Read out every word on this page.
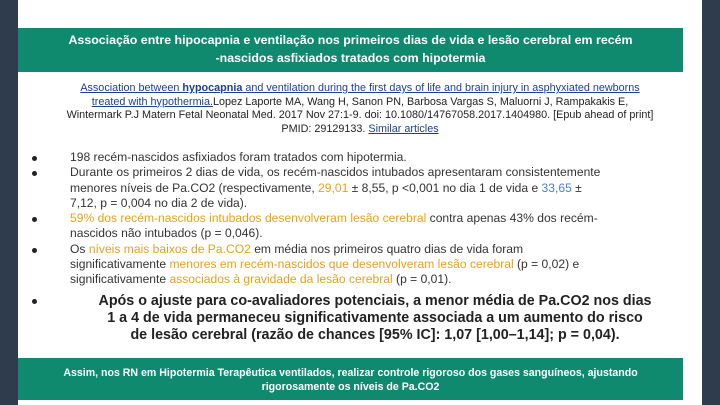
Associação entre hipocapnia e ventilação nos primeiros dias de vida e lesão cerebral em recém
-nascidos asfixiados tratados com hipotermia
Association between hypocapnia and ventilation during the first days of life and brain injury in asphyxiated newborns
treated with hypothermia.Lopez Laporte MA, Wang H, Sanon PN, Barbosa Vargas S, Maluorni J, Rampakakis E,
Wintermark P.J Matern Fetal Neonatal Med. 2017 Nov 27:1-9. doi: 10.1080/14767058.2017.1404980. [Epub ahead of print]
PMID: 29129133. Similar articles
198 recém-nascidos asfixiados foram tratados com hipotermia.
Durante os primeiros 2 dias de vida, os recém-nascidos intubados apresentaram consistentemente
menores níveis de Pa.CO2 (respectivamente, 29,01 ± 8,55, p <0,001 no dia 1 de vida e 33,65 ±
7,12, p = 0,004 no dia 2 de vida).
59% dos recém-nascidos intubados desenvolveram lesão cerebral contra apenas 43% dos recém-
nascidos não intubados (p = 0,046).
Os níveis mais baixos de Pa.CO2 em média nos primeiros quatro dias de vida foram
significativamente menores em recém-nascidos que desenvolveram lesão cerebral (p = 0,02) e
significativamente associados à gravidade da lesão cerebral (p = 0,01).
Após o ajuste para co-avaliadores potenciais, a menor média de Pa.CO2 nos dias
1 a 4 de vida permaneceu significativamente associada a um aumento do risco
de lesão cerebral (razão de chances [95% IC]: 1,07 [1,00–1,14]; p = 0,04).
Assim, nos RN em Hipotermia Terapêutica ventilados, realizar controle rigoroso dos gases sanguíneos, ajustando
rigorosamente os níveis de Pa.CO2
